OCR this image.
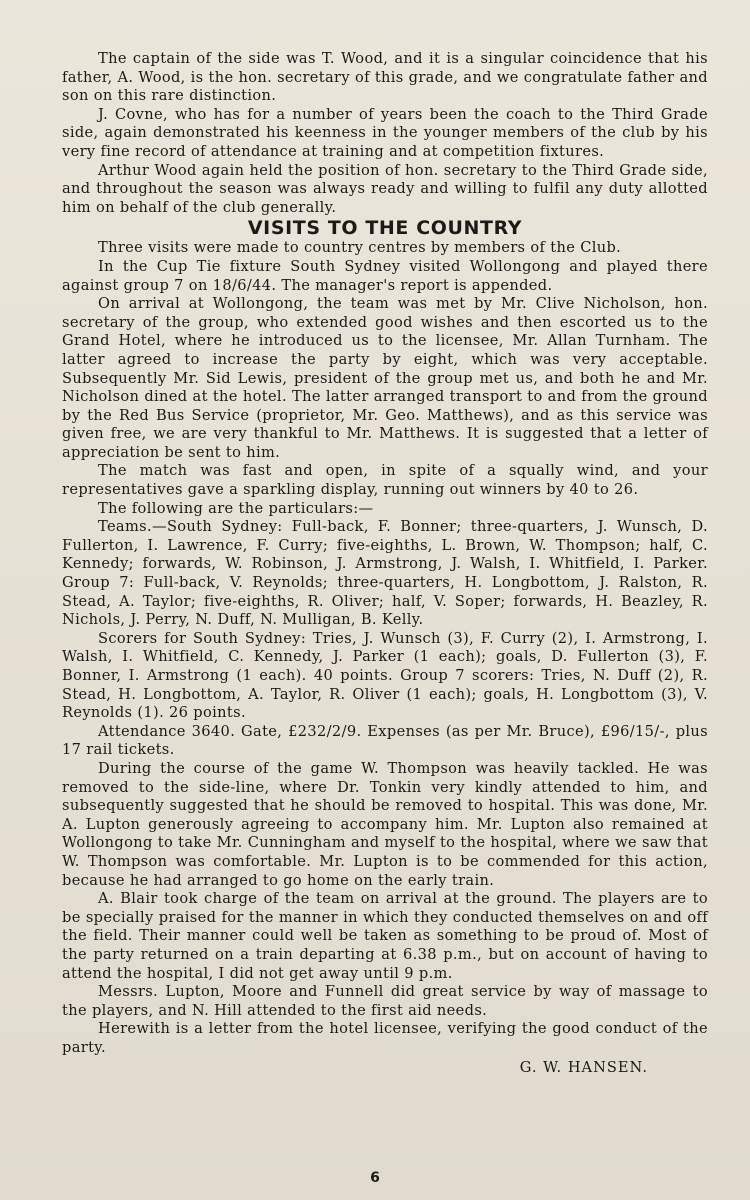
The captain of the side was T. Wood, and it is a singular coincidence that his father, A. Wood, is the hon. secretary of this grade, and we congratulate father and son on this rare distinction.

J. Covne, who has for a number of years been the coach to the Third Grade side, again demonstrated his keenness in the younger members of the club by his very fine record of attendance at training and at competition fixtures.

Arthur Wood again held the position of hon. secretary to the Third Grade side, and throughout the season was always ready and willing to fulfil any duty allotted him on behalf of the club generally.

VISITS TO THE COUNTRY

Three visits were made to country centres by members of the Club.

In the Cup Tie fixture South Sydney visited Wollongong and played there against group 7 on 18/6/44. The manager's report is appended.

On arrival at Wollongong, the team was met by Mr. Clive Nicholson, hon. secretary of the group, who extended good wishes and then escorted us to the Grand Hotel, where he introduced us to the licensee, Mr. Allan Turnham. The latter agreed to increase the party by eight, which was very acceptable. Subsequently Mr. Sid Lewis, president of the group met us, and both he and Mr. Nicholson dined at the hotel. The latter arranged transport to and from the ground by the Red Bus Service (proprietor, Mr. Geo. Matthews), and as this service was given free, we are very thankful to Mr. Matthews. It is suggested that a letter of appreciation be sent to him.

The match was fast and open, in spite of a squally wind, and your representatives gave a sparkling display, running out winners by 40 to 26.

The following are the particulars:—

Teams.—South Sydney: Full-back, F. Bonner; three-quarters, J. Wunsch, D. Fullerton, I. Lawrence, F. Curry; five-eighths, L. Brown, W. Thompson; half, C. Kennedy; forwards, W. Robinson, J. Armstrong, J. Walsh, I. Whitfield, I. Parker. Group 7: Full-back, V. Reynolds; three-quarters, H. Longbottom, J. Ralston, R. Stead, A. Taylor; five-eighths, R. Oliver; half, V. Soper; forwards, H. Beazley, R. Nichols, J. Perry, N. Duff, N. Mulligan, B. Kelly.

Scorers for South Sydney: Tries, J. Wunsch (3), F. Curry (2), I. Armstrong, I. Walsh, I. Whitfield, C. Kennedy, J. Parker (1 each); goals, D. Fullerton (3), F. Bonner, I. Armstrong (1 each). 40 points. Group 7 scorers: Tries, N. Duff (2), R. Stead, H. Longbottom, A. Taylor, R. Oliver (1 each); goals, H. Longbottom (3), V. Reynolds (1). 26 points.

Attendance 3640. Gate, £232/2/9. Expenses (as per Mr. Bruce), £96/15/-, plus 17 rail tickets.

During the course of the game W. Thompson was heavily tackled. He was removed to the side-line, where Dr. Tonkin very kindly attended to him, and subsequently suggested that he should be removed to hospital. This was done, Mr. A. Lupton generously agreeing to accompany him. Mr. Lupton also remained at Wollongong to take Mr. Cunningham and myself to the hospital, where we saw that W. Thompson was comfortable. Mr. Lupton is to be commended for this action, because he had arranged to go home on the early train.

A. Blair took charge of the team on arrival at the ground. The players are to be specially praised for the manner in which they conducted themselves on and off the field. Their manner could well be taken as something to be proud of. Most of the party returned on a train departing at 6.38 p.m., but on account of having to attend the hospital, I did not get away until 9 p.m.

Messrs. Lupton, Moore and Funnell did great service by way of massage to the players, and N. Hill attended to the first aid needs.

Herewith is a letter from the hotel licensee, verifying the good conduct of the party.

G. W. HANSEN.
6
